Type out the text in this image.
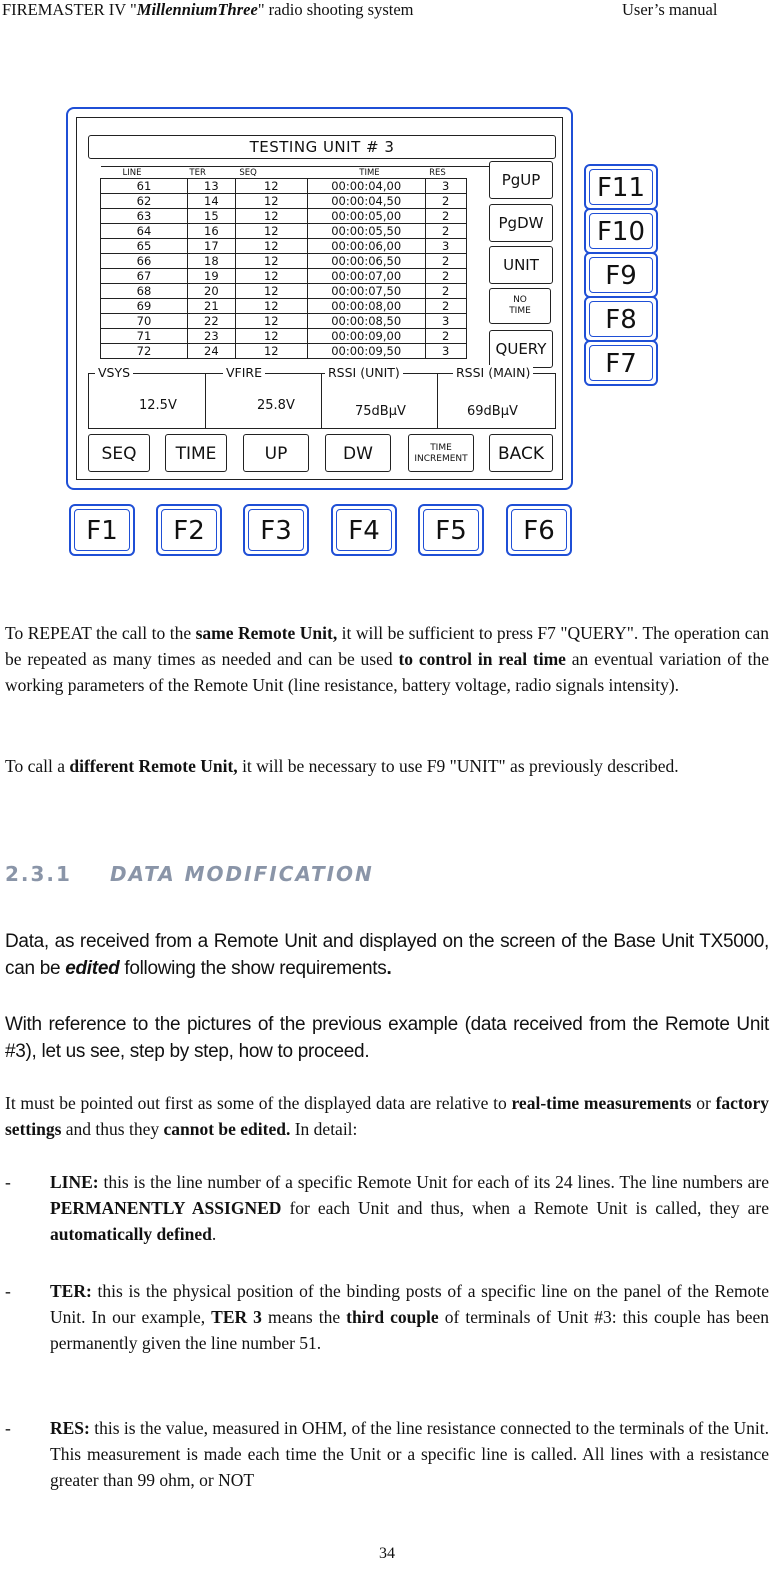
FIREMASTER IV "MillenniumThree" radio shooting system	User’s manual
TESTING UNIT # 3
LINE	TER	SEQ	TIME	RES	
61	13	12	00:00:04,00	3	
62	14	12	00:00:04,50	2	
63	15	12	00:00:05,00	2	
64	16	12	00:00:05,50	2	
65	17	12	00:00:06,00	3	
66	18	12	00:00:06,50	2	
67	19	12	00:00:07,00	2	
68	20	12	00:00:07,50	2	
69	21	12	00:00:08,00	2	
70	22	12	00:00:08,50	3	
71	23	12	00:00:09,00	2	
72	24	12	00:00:09,50	3	
PgUP
PgDW
UNIT
NO
TIME
QUERY
VSYS
12.5V
VFIRE
25.8V
RSSI (UNIT)
75dBμV
RSSI (MAIN)
69dBμV
SEQ	TIME	UP	DW	TIME
INCREMENT	BACK
F11
F10
F9
F8
F7
F1	F2	F3	F4	F5	F6
To REPEAT the call to the same Remote Unit, it will be sufficient to press F7 "QUERY". The operation can be repeated as many times as needed and can be used to control in real time an eventual variation of the working parameters of the Remote Unit (line resistance, battery voltage, radio signals intensity).
To call a different Remote Unit, it will be necessary to use F9 "UNIT" as previously described.
2.3.1 DATA MODIFICATION
Data, as received from a Remote Unit and displayed on the screen of the Base Unit TX5000, can be edited following the show requirements.
With reference to the pictures of the previous example (data received from the Remote Unit #3), let us see, step by step, how to proceed.
It must be pointed out first as some of the displayed data are relative to real-time measurements or factory settings and thus they cannot be edited. In detail:
- LINE: this is the line number of a specific Remote Unit for each of its 24 lines. The line numbers are PERMANENTLY ASSIGNED for each Unit and thus, when a Remote Unit is called, they are automatically defined.
- TER: this is the physical position of the binding posts of a specific line on the panel of the Remote Unit. In our example, TER 3 means the third couple of terminals of Unit #3: this couple has been permanently given the line number 51.
- RES: this is the value, measured in OHM, of the line resistance connected to the terminals of the Unit. This measurement is made each time the Unit or a specific line is called. All lines with a resistance greater than 99 ohm, or NOT
34
